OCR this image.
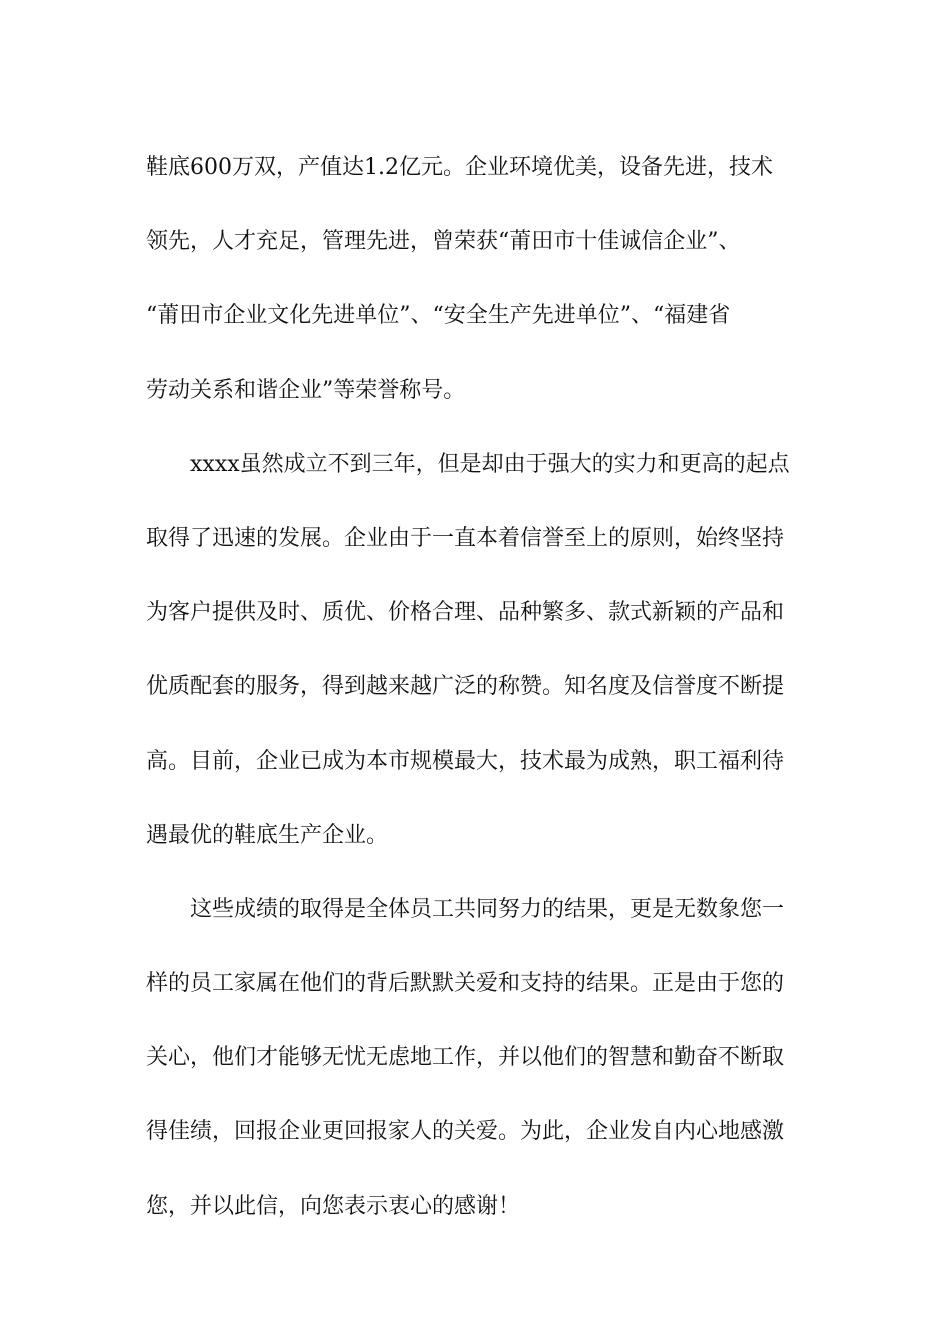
鞋底600万双，产值达1.2亿元。企业环境优美，设备先进，技术
领先，人才充足，管理先进，曾荣获“莆田市十佳诚信企业”、
“莆田市企业文化先进单位”、“安全生产先进单位”、“福建省
劳动关系和谐企业”等荣誉称号。
xxxx虽然成立不到三年，但是却由于强大的实力和更高的起点
取得了迅速的发展。企业由于一直本着信誉至上的原则，始终坚持
为客户提供及时、质优、价格合理、品种繁多、款式新颖的产品和
优质配套的服务，得到越来越广泛的称赞。知名度及信誉度不断提
高。目前，企业已成为本市规模最大，技术最为成熟，职工福利待
遇最优的鞋底生产企业。
这些成绩的取得是全体员工共同努力的结果，更是无数象您一
样的员工家属在他们的背后默默关爱和支持的结果。正是由于您的
关心，他们才能够无忧无虑地工作，并以他们的智慧和勤奋不断取
得佳绩，回报企业更回报家人的关爱。为此，企业发自内心地感激
您，并以此信，向您表示衷心的感谢！
